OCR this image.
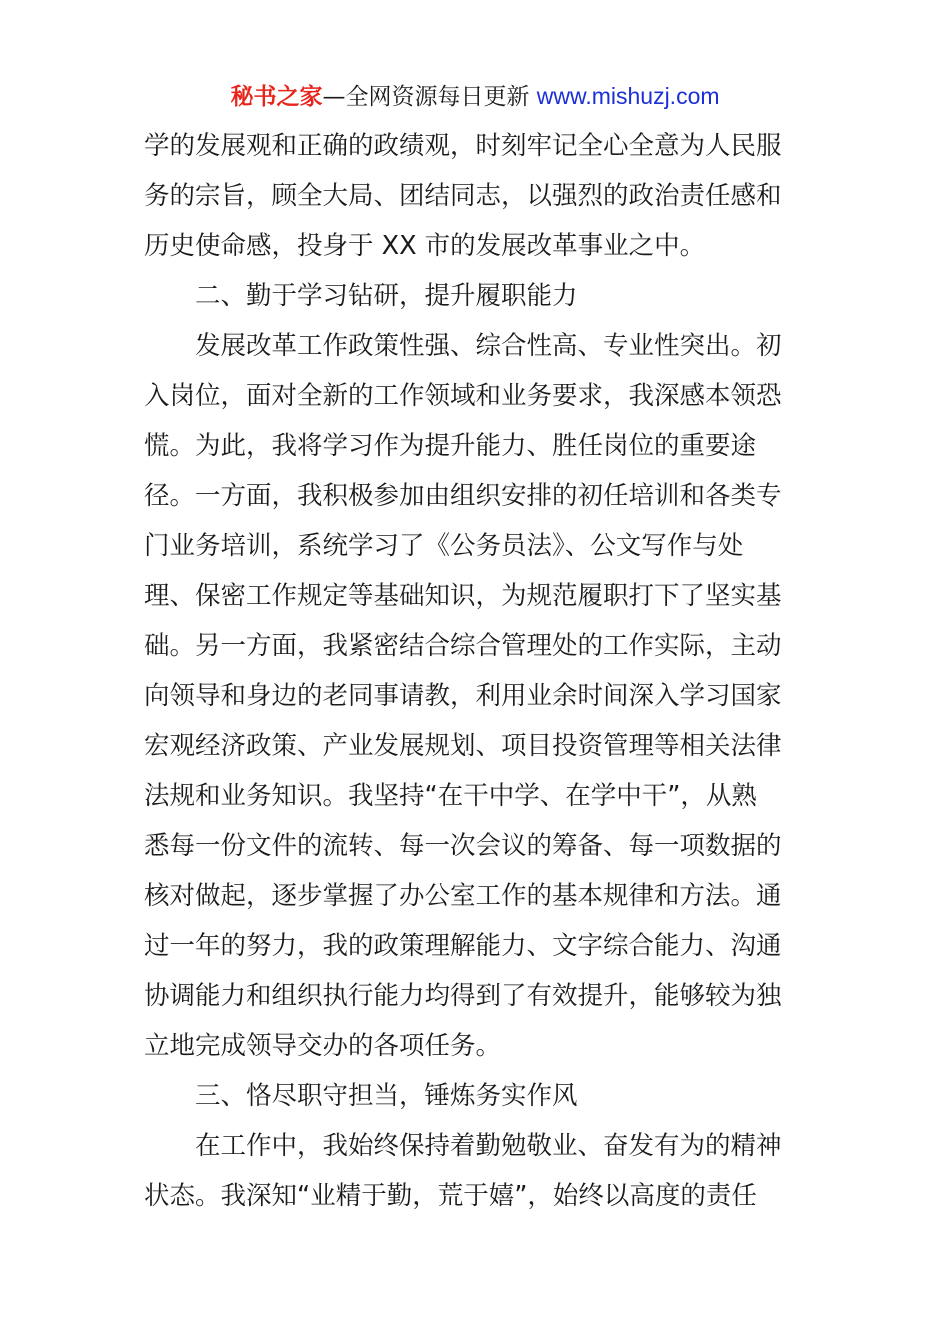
秘书之家—全网资源每日更新 www.mishuzj.com
学的发展观和正确的政绩观，时刻牢记全心全意为人民服
务的宗旨，顾全大局、团结同志，以强烈的政治责任感和
历史使命感，投身于 XX 市的发展改革事业之中。
二、勤于学习钻研，提升履职能力
发展改革工作政策性强、综合性高、专业性突出。初
入岗位，面对全新的工作领域和业务要求，我深感本领恐
慌。为此，我将学习作为提升能力、胜任岗位的重要途
径。一方面，我积极参加由组织安排的初任培训和各类专
门业务培训，系统学习了《公务员法》、公文写作与处
理、保密工作规定等基础知识，为规范履职打下了坚实基
础。另一方面，我紧密结合综合管理处的工作实际，主动
向领导和身边的老同事请教，利用业余时间深入学习国家
宏观经济政策、产业发展规划、项目投资管理等相关法律
法规和业务知识。我坚持“在干中学、在学中干”，从熟
悉每一份文件的流转、每一次会议的筹备、每一项数据的
核对做起，逐步掌握了办公室工作的基本规律和方法。通
过一年的努力，我的政策理解能力、文字综合能力、沟通
协调能力和组织执行能力均得到了有效提升，能够较为独
立地完成领导交办的各项任务。
三、恪尽职守担当，锤炼务实作风
在工作中，我始终保持着勤勉敬业、奋发有为的精神
状态。我深知“业精于勤，荒于嬉”，始终以高度的责任
